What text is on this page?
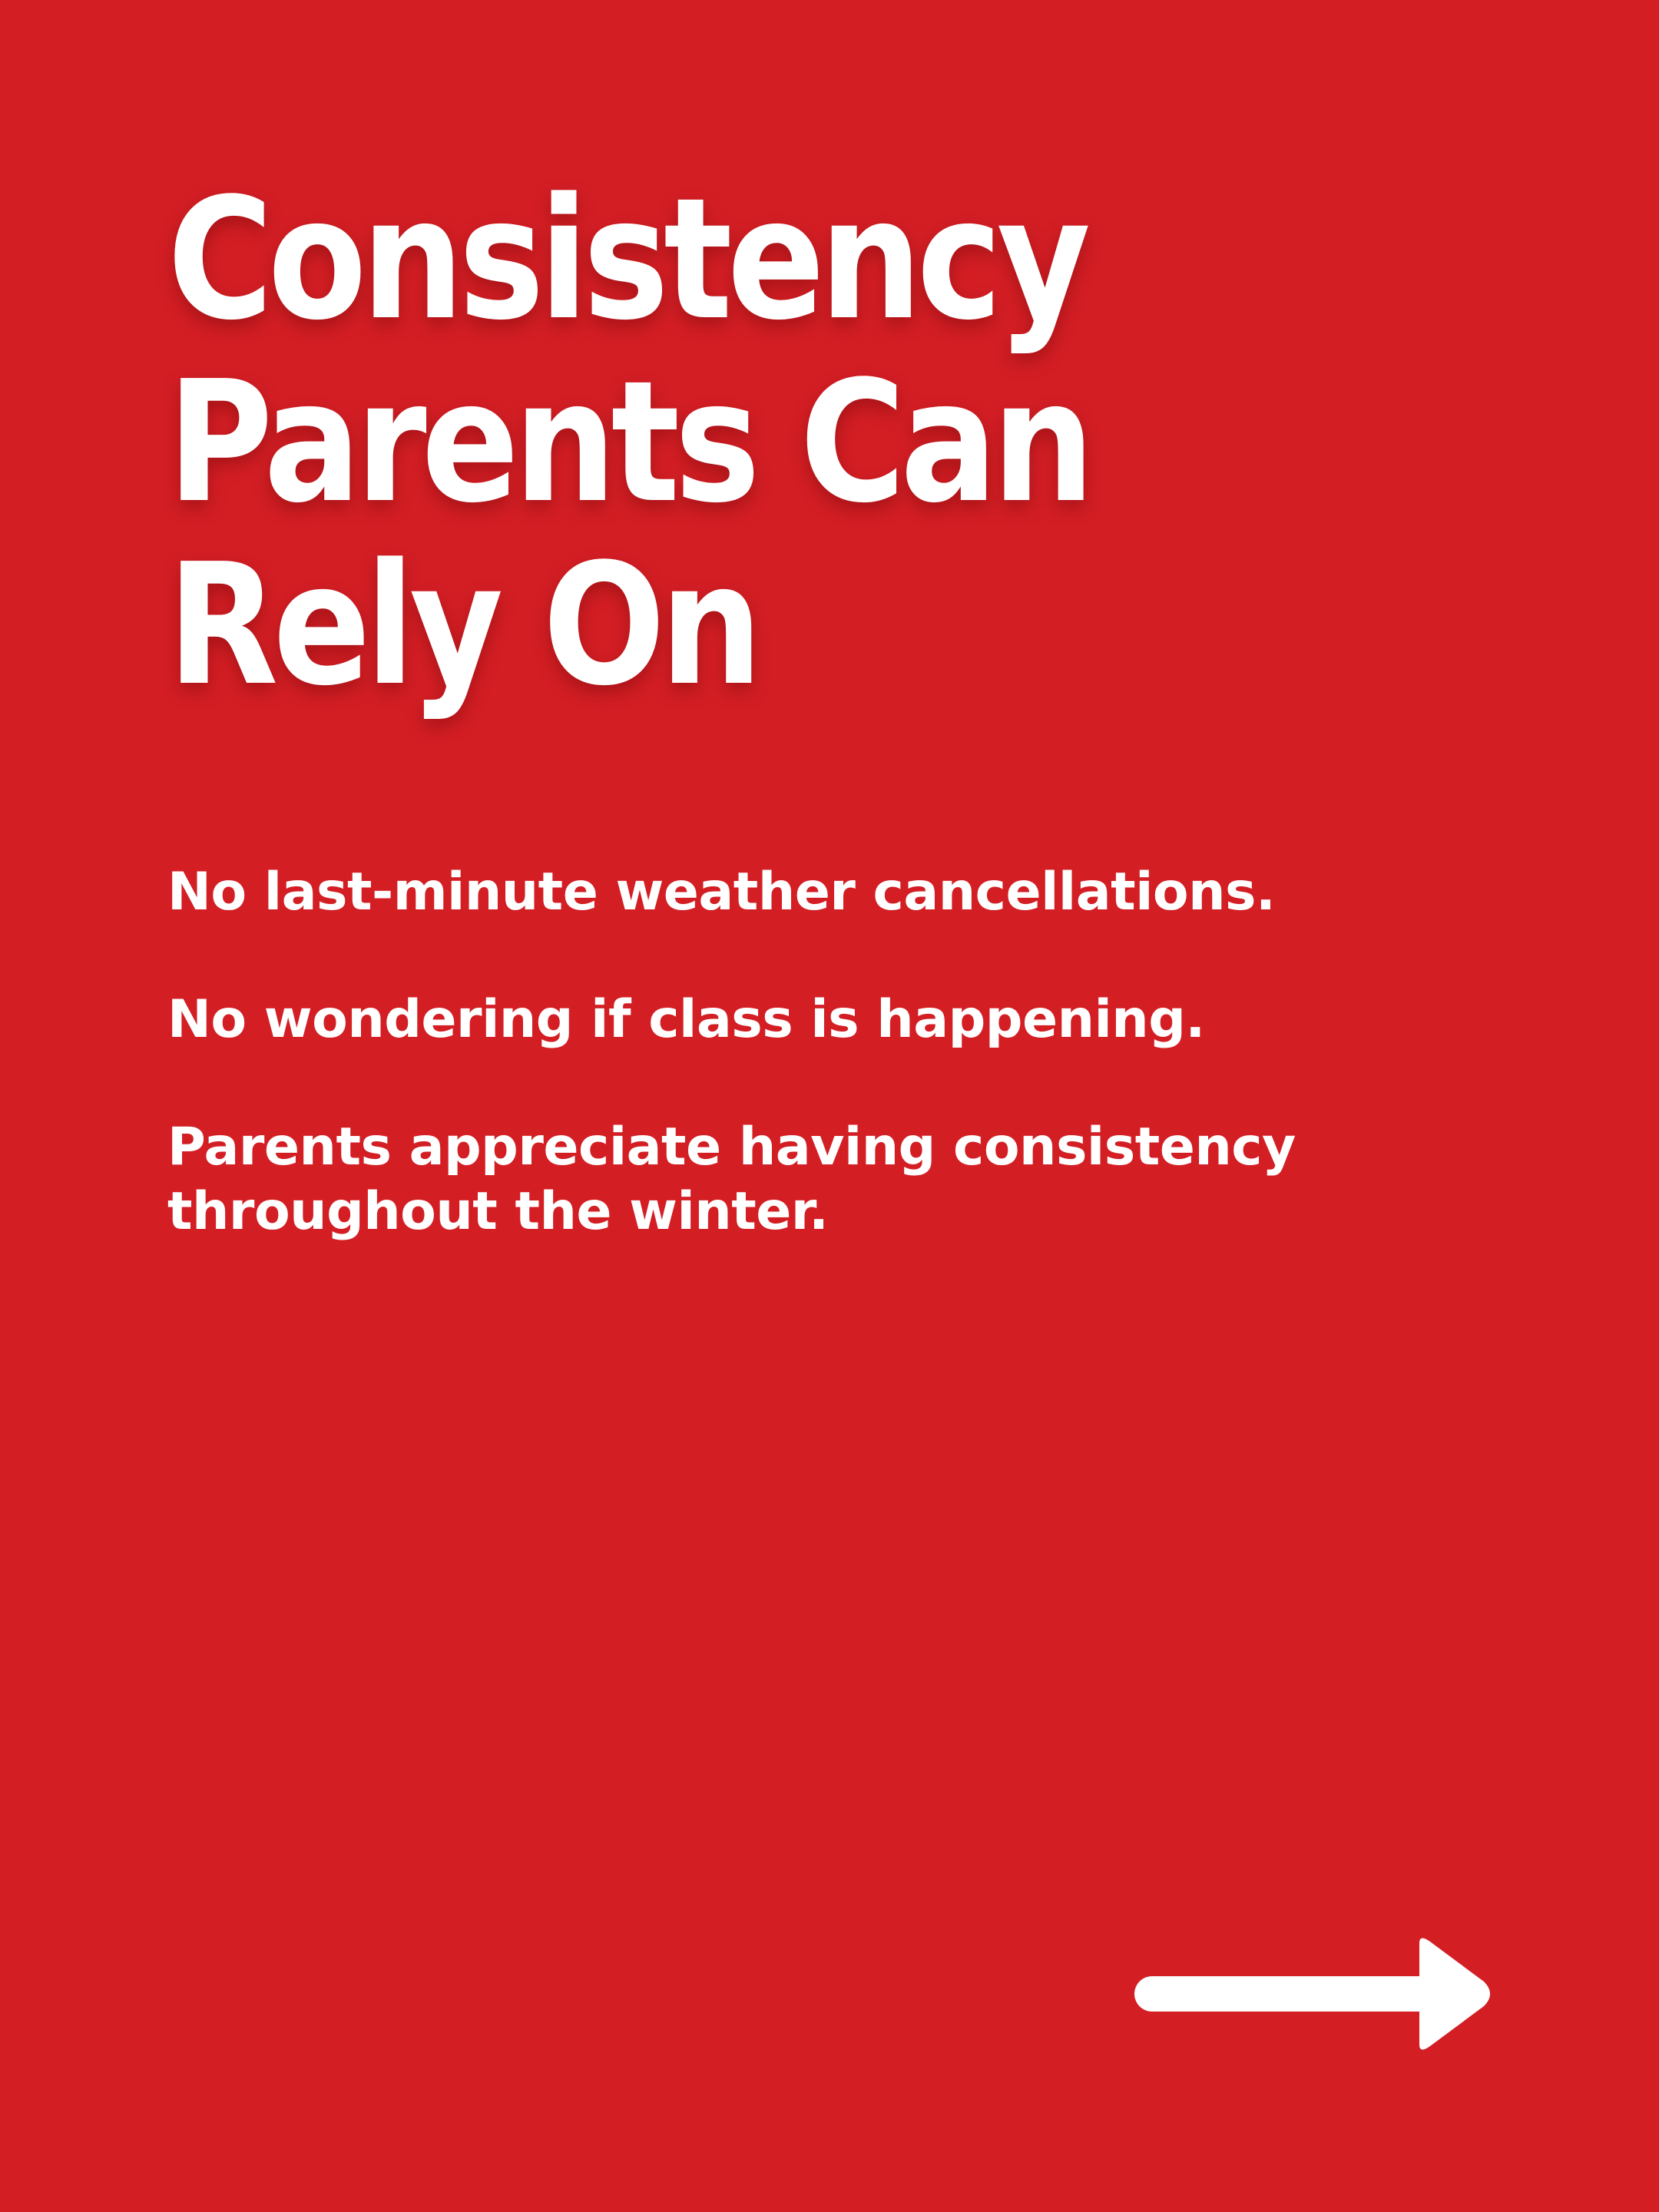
Consistency
Parents Can
Rely On

No last-minute weather cancellations.

No wondering if class is happening.

Parents appreciate having consistency throughout the winter.
